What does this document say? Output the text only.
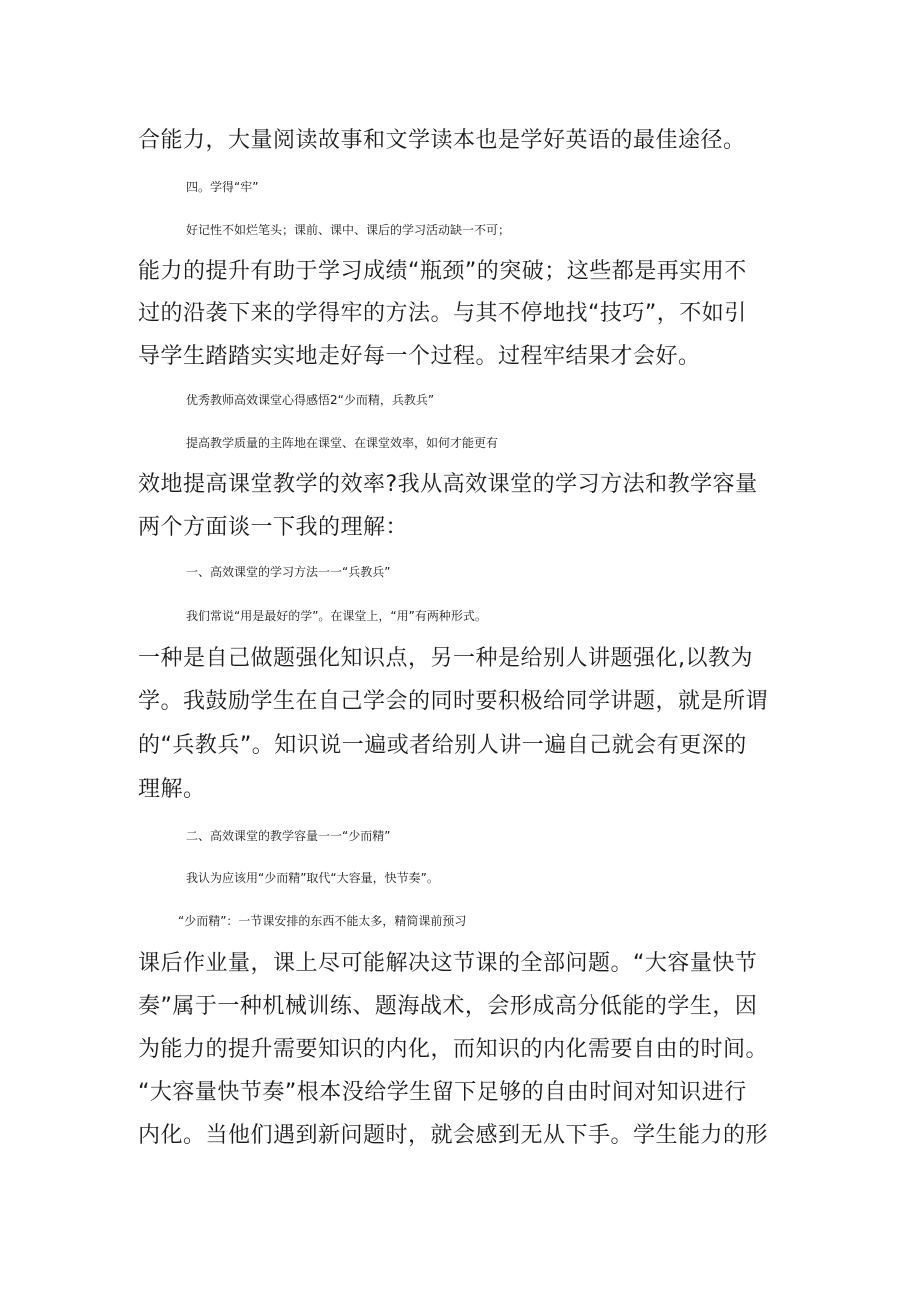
合能力，大量阅读故事和文学读本也是学好英语的最佳途径。
四。学得“牢”
好记性不如烂笔头；课前、课中、课后的学习活动缺一不可；
能力的提升有助于学习成绩“瓶颈”的突破；这些都是再实用不
过的沿袭下来的学得牢的方法。与其不停地找“技巧”，不如引
导学生踏踏实实地走好每一个过程。过程牢结果才会好。
优秀教师高效课堂心得感悟2“少而精，兵教兵”
提高教学质量的主阵地在课堂、在课堂效率，如何才能更有
效地提高课堂教学的效率?我从高效课堂的学习方法和教学容量
两个方面谈一下我的理解：
一、高效课堂的学习方法一一“兵教兵”
我们常说“用是最好的学”。在课堂上，“用”有两种形式。
一种是自己做题强化知识点，另一种是给别人讲题强化,以教为
学。我鼓励学生在自己学会的同时要积极给同学讲题，就是所谓
的“兵教兵”。知识说一遍或者给别人讲一遍自己就会有更深的
理解。
二、高效课堂的教学容量一一“少而精”
我认为应该用“少而精”取代“大容量，快节奏”。
“少而精”：一节课安排的东西不能太多，精简课前预习
课后作业量，课上尽可能解决这节课的全部问题。“大容量快节
奏”属于一种机械训练、题海战术，会形成高分低能的学生，因
为能力的提升需要知识的内化，而知识的内化需要自由的时间。
“大容量快节奏”根本没给学生留下足够的自由时间对知识进行
内化。当他们遇到新问题时，就会感到无从下手。学生能力的形
